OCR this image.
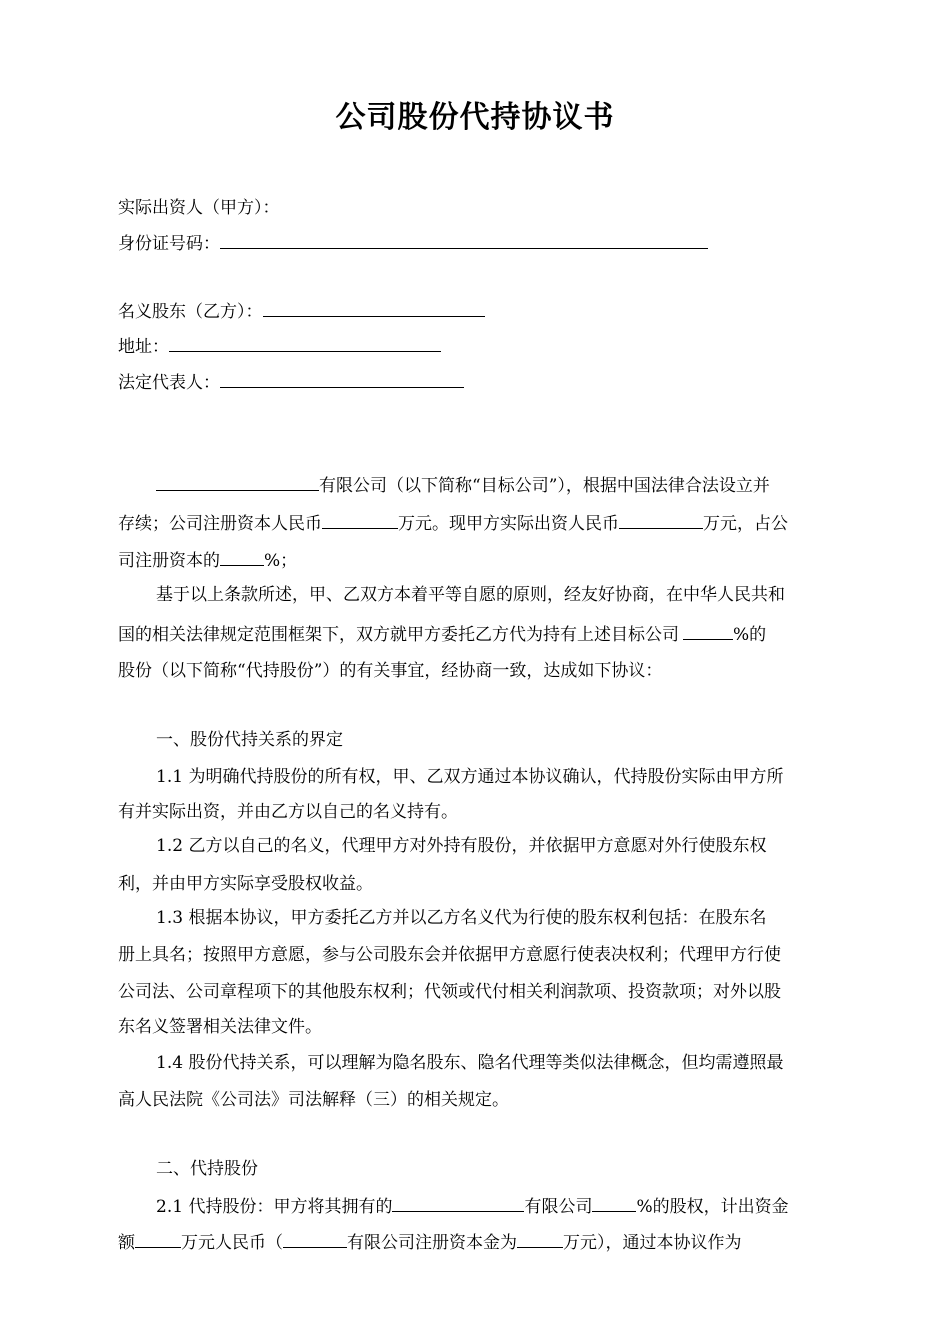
公司股份代持协议书
实际出资人（甲方）：
身份证号码：
名义股东（乙方）：
地址：
法定代表人：
有限公司（以下简称“目标公司”），根据中国法律合法设立并
存续；公司注册资本人民币	万元。现甲方实际出资人民币	万元，占公
司注册资本的	%；
基于以上条款所述，甲、乙双方本着平等自愿的原则，经友好协商，在中华人民共和
国的相关法律规定范围框架下，双方就甲方委托乙方代为持有上述目标公司	%的
股份（以下简称“代持股份”）的有关事宜，经协商一致，达成如下协议：
一、股份代持关系的界定
1.1 为明确代持股份的所有权，甲、乙双方通过本协议确认，代持股份实际由甲方所
有并实际出资，并由乙方以自己的名义持有。
1.2 乙方以自己的名义，代理甲方对外持有股份，并依据甲方意愿对外行使股东权
利，并由甲方实际享受股权收益。
1.3 根据本协议，甲方委托乙方并以乙方名义代为行使的股东权利包括：在股东名
册上具名；按照甲方意愿，参与公司股东会并依据甲方意愿行使表决权利；代理甲方行使
公司法、公司章程项下的其他股东权利；代领或代付相关利润款项、投资款项；对外以股
东名义签署相关法律文件。
1.4 股份代持关系，可以理解为隐名股东、隐名代理等类似法律概念，但均需遵照最
高人民法院《公司法》司法解释（三）的相关规定。
二、代持股份
2.1 代持股份：甲方将其拥有的	有限公司	%的股权，计出资金
额	万元人民币（	有限公司注册资本金为	万元），通过本协议作为
